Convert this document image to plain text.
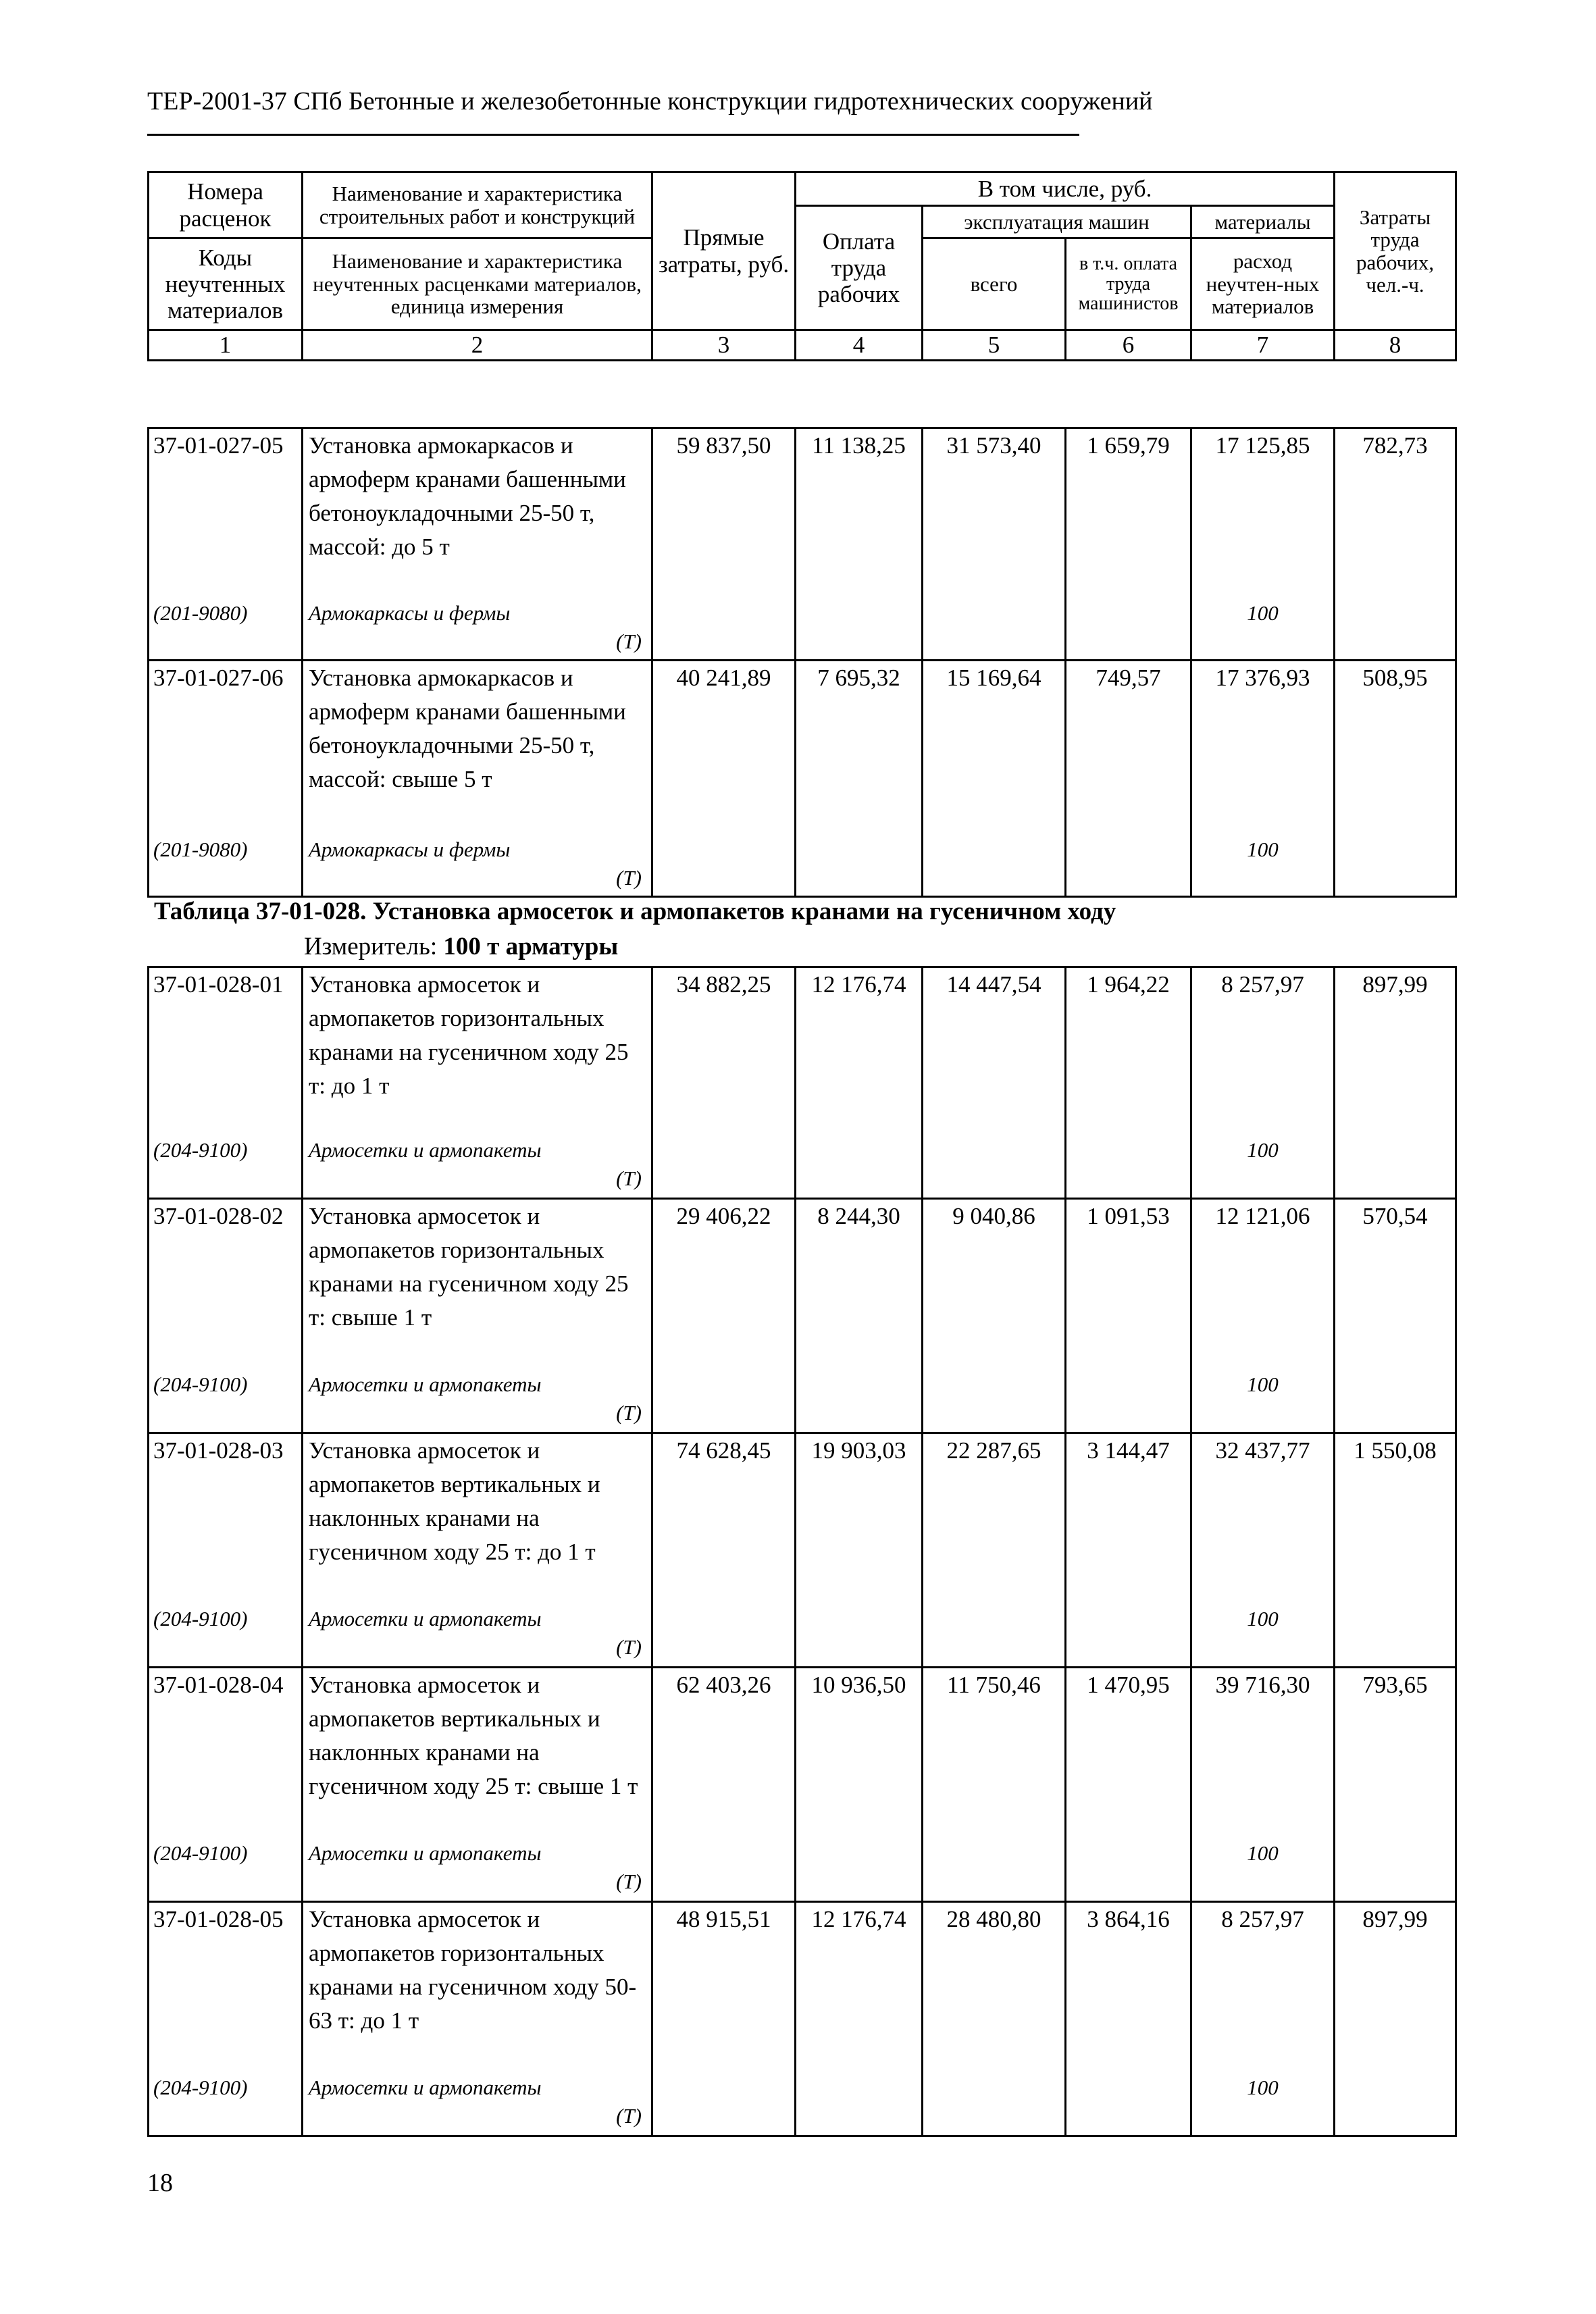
ТЕР-2001-37 СПб Бетонные и железобетонные конструкции гидротехнических сооружений
Номера расценок	Наименование и характеристика строительных работ и конструкций	Прямые затраты, руб.	В том числе, руб.				Затраты труда рабочих, чел.-ч.
			Оплата труда рабочих	эксплуатация машин		материалы	
Коды неучтенных материалов	Наименование и характеристика неучтенных расценками материалов, единица измерения			всего	в т.ч. оплата труда машинистов	расход неучтен-ных материалов	

1	2	3	4	5	6	7	8
37-01-027-05	Установка армокаркасов и армоферм кранами башенными бетоноукладочными 25-50 т, массой: до 5 т	59 837,50	11 138,25	31 573,40	1 659,79	17 125,85	782,73
(201-9080)	Армокаркасы и фермы					100	
	(Т)						
37-01-027-06	Установка армокаркасов и армоферм кранами башенными бетоноукладочными 25-50 т, массой: свыше 5 т	40 241,89	7 695,32	15 169,64	749,57	17 376,93	508,95
(201-9080)	Армокаркасы и фермы					100	
	(Т)						
Таблица 37-01-028. Установка армосеток и армопакетов кранами на гусеничном ходу
Измеритель: 100 т арматуры
37-01-028-01	Установка армосеток и армопакетов горизонтальных кранами на гусеничном ходу 25 т: до 1 т	34 882,25	12 176,74	14 447,54	1 964,22	8 257,97	897,99
(204-9100)	Армосетки и армопакеты					100	
	(Т)						
37-01-028-02	Установка армосеток и армопакетов горизонтальных кранами на гусеничном ходу 25 т: свыше 1 т	29 406,22	8 244,30	9 040,86	1 091,53	12 121,06	570,54
(204-9100)	Армосетки и армопакеты					100	
	(Т)						
37-01-028-03	Установка армосеток и армопакетов вертикальных и наклонных кранами на гусеничном ходу 25 т: до 1 т	74 628,45	19 903,03	22 287,65	3 144,47	32 437,77	1 550,08
(204-9100)	Армосетки и армопакеты					100	
	(Т)						
37-01-028-04	Установка армосеток и армопакетов вертикальных и наклонных кранами на гусеничном ходу 25 т: свыше 1 т	62 403,26	10 936,50	11 750,46	1 470,95	39 716,30	793,65
(204-9100)	Армосетки и армопакеты					100	
	(Т)						
37-01-028-05	Установка армосеток и армопакетов горизонтальных кранами на гусеничном ходу 50-63 т: до 1 т	48 915,51	12 176,74	28 480,80	3 864,16	8 257,97	897,99
(204-9100)	Армосетки и армопакеты					100	
	(Т)						
18
